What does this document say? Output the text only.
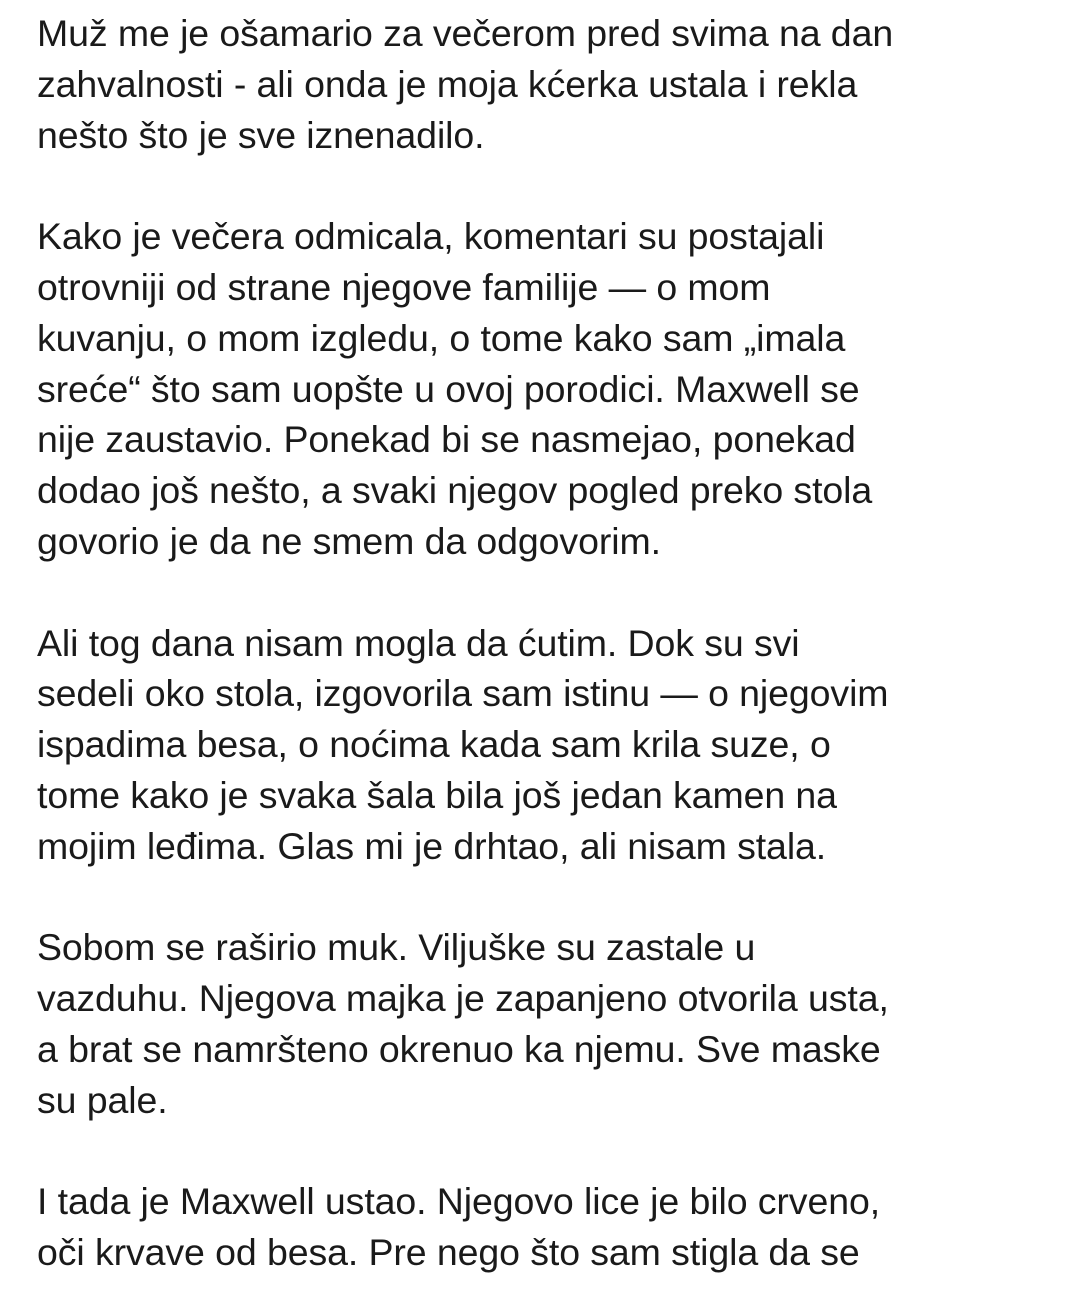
Muž me je ošamario za večerom pred svima na dan
zahvalnosti - ali onda je moja kćerka ustala i rekla
nešto što je sve iznenadilo.

Kako je večera odmicala, komentari su postajali
otrovniji od strane njegove familije — o mom
kuvanju, o mom izgledu, o tome kako sam „imala
sreće“ što sam uopšte u ovoj porodici. Maxwell se
nije zaustavio. Ponekad bi se nasmejao, ponekad
dodao još nešto, a svaki njegov pogled preko stola
govorio je da ne smem da odgovorim.

Ali tog dana nisam mogla da ćutim. Dok su svi
sedeli oko stola, izgovorila sam istinu — o njegovim
ispadima besa, o noćima kada sam krila suze, o
tome kako je svaka šala bila još jedan kamen na
mojim leđima. Glas mi je drhtao, ali nisam stala.

Sobom se raširio muk. Viljuške su zastale u
vazduhu. Njegova majka je zapanjeno otvorila usta,
a brat se namršteno okrenuo ka njemu. Sve maske
su pale.

I tada je Maxwell ustao. Njegovo lice je bilo crveno,
oči krvave od besa. Pre nego što sam stigla da se
